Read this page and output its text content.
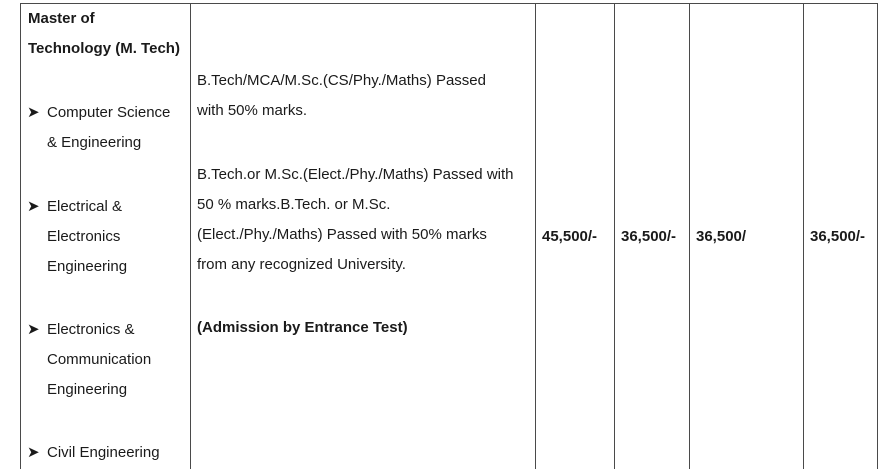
Master of
Technology (M. Tech)
➤ Computer Science
& Engineering
➤ Electrical &
Electronics
Engineering
➤ Electronics &
Communication
Engineering
➤ Civil Engineering
B.Tech/MCA/M.Sc.(CS/Phy./Maths) Passed
with 50% marks.
B.Tech.or M.Sc.(Elect./Phy./Maths) Passed with
50 % marks.B.Tech. or M.Sc.
(Elect./Phy./Maths) Passed with 50% marks
from any recognized University.
(Admission by Entrance Test)
45,500/- 36,500/- 36,500/	36,500/-
